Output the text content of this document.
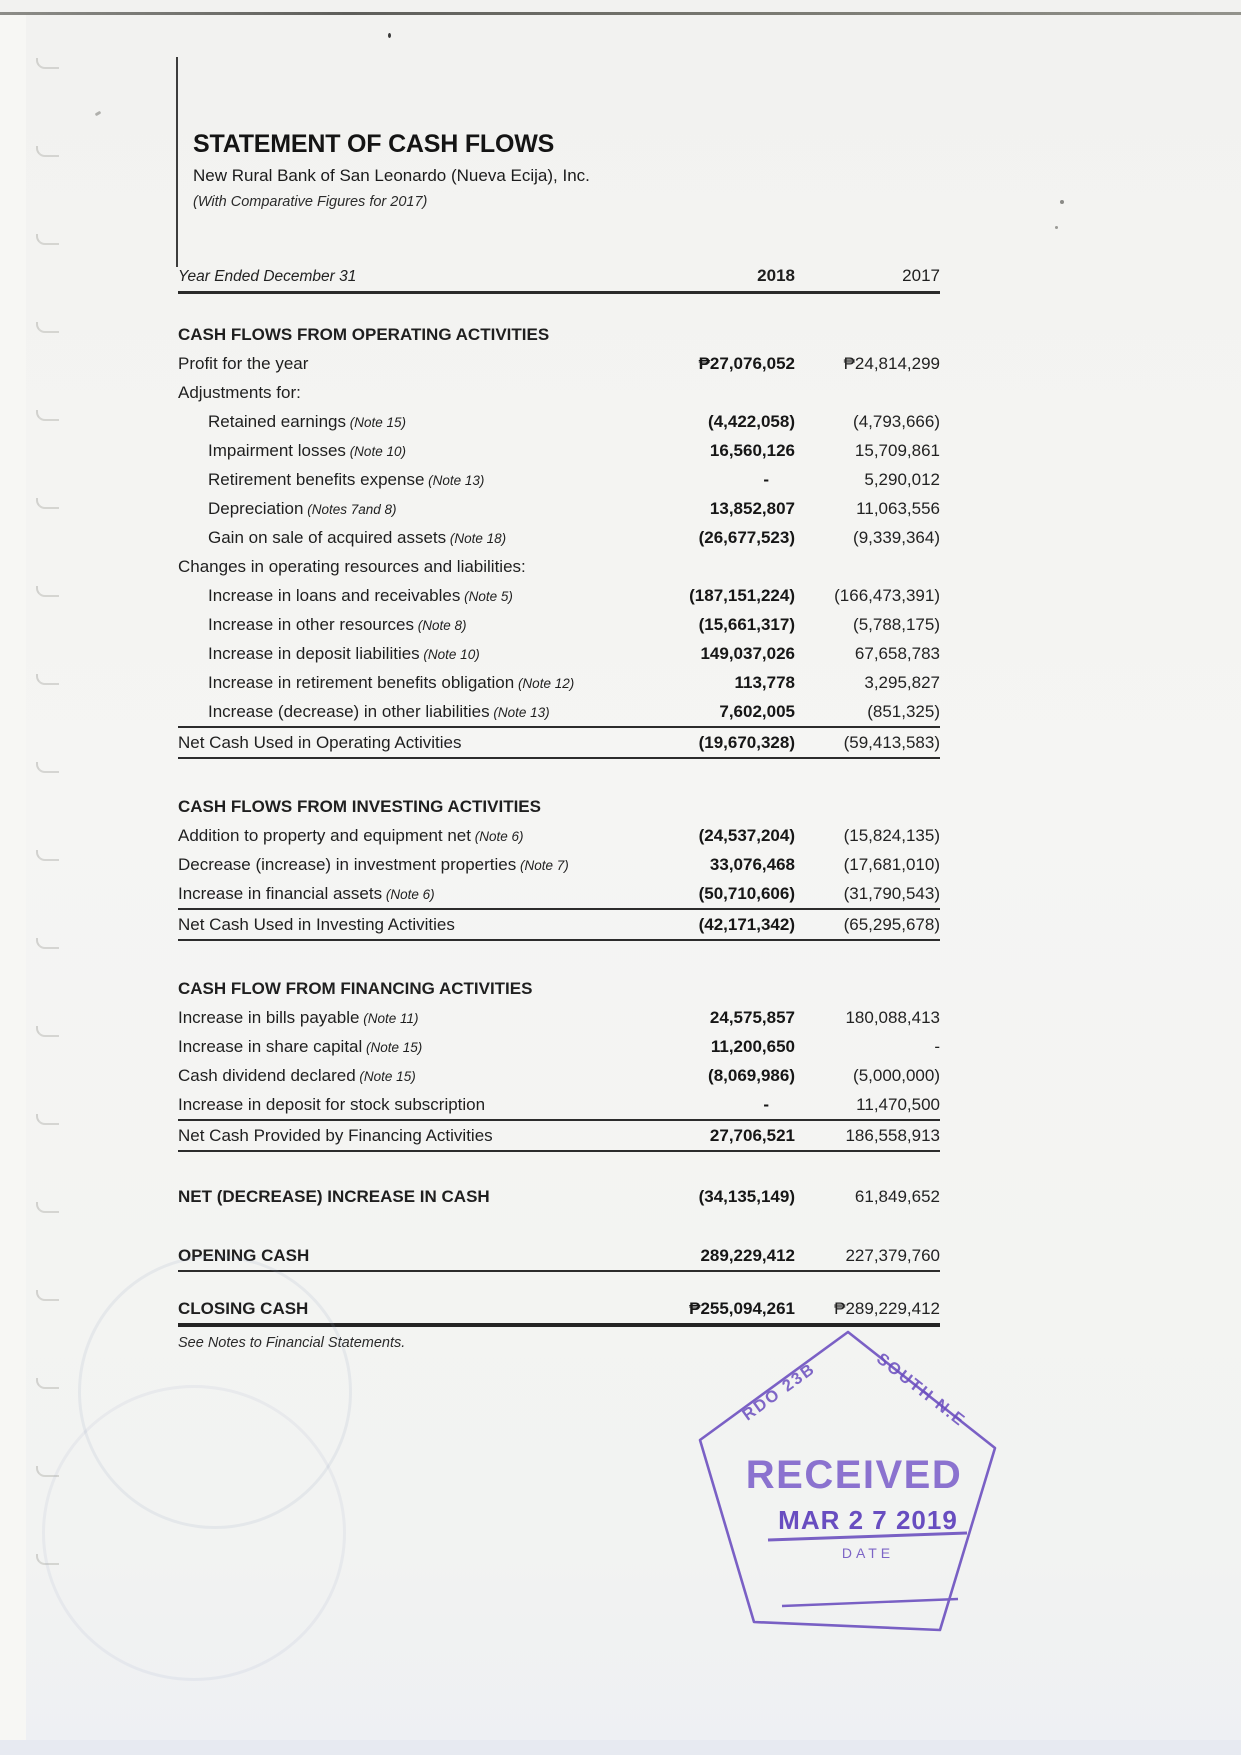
STATEMENT OF CASH FLOWS
New Rural Bank of San Leonardo (Nueva Ecija), Inc.
(With Comparative Figures for 2017)
Year Ended December 31	2018	2017
CASH FLOWS FROM OPERATING ACTIVITIES
Profit for the year	₱27,076,052	₱24,814,299
Adjustments for:
Retained earnings (Note 15)	(4,422,058)	(4,793,666)
Impairment losses (Note 10)	16,560,126	15,709,861
Retirement benefits expense (Note 13)	-	5,290,012
Depreciation (Notes 7and 8)	13,852,807	11,063,556
Gain on sale of acquired assets (Note 18)	(26,677,523)	(9,339,364)
Changes in operating resources and liabilities:
Increase in loans and receivables (Note 5)	(187,151,224)	(166,473,391)
Increase in other resources (Note 8)	(15,661,317)	(5,788,175)
Increase in deposit liabilities (Note 10)	149,037,026	67,658,783
Increase in retirement benefits obligation (Note 12)	113,778	3,295,827
Increase (decrease) in other liabilities (Note 13)	7,602,005	(851,325)
Net Cash Used in Operating Activities	(19,670,328)	(59,413,583)
CASH FLOWS FROM INVESTING ACTIVITIES
Addition to property and equipment net (Note 6)	(24,537,204)	(15,824,135)
Decrease (increase) in investment properties (Note 7)	33,076,468	(17,681,010)
Increase in financial assets (Note 6)	(50,710,606)	(31,790,543)
Net Cash Used in Investing Activities	(42,171,342)	(65,295,678)
CASH FLOW FROM FINANCING ACTIVITIES
Increase in bills payable (Note 11)	24,575,857	180,088,413
Increase in share capital (Note 15)	11,200,650	-
Cash dividend declared (Note 15)	(8,069,986)	(5,000,000)
Increase in deposit for stock subscription	-	11,470,500
Net Cash Provided by Financing Activities	27,706,521	186,558,913
NET (DECREASE) INCREASE IN CASH	(34,135,149)	61,849,652
OPENING CASH	289,229,412	227,379,760
CLOSING CASH	₱255,094,261	₱289,229,412
See Notes to Financial Statements.
RDO 23B	SOUTH N.E
RECEIVED
MAR 2 7 2019
DATE
